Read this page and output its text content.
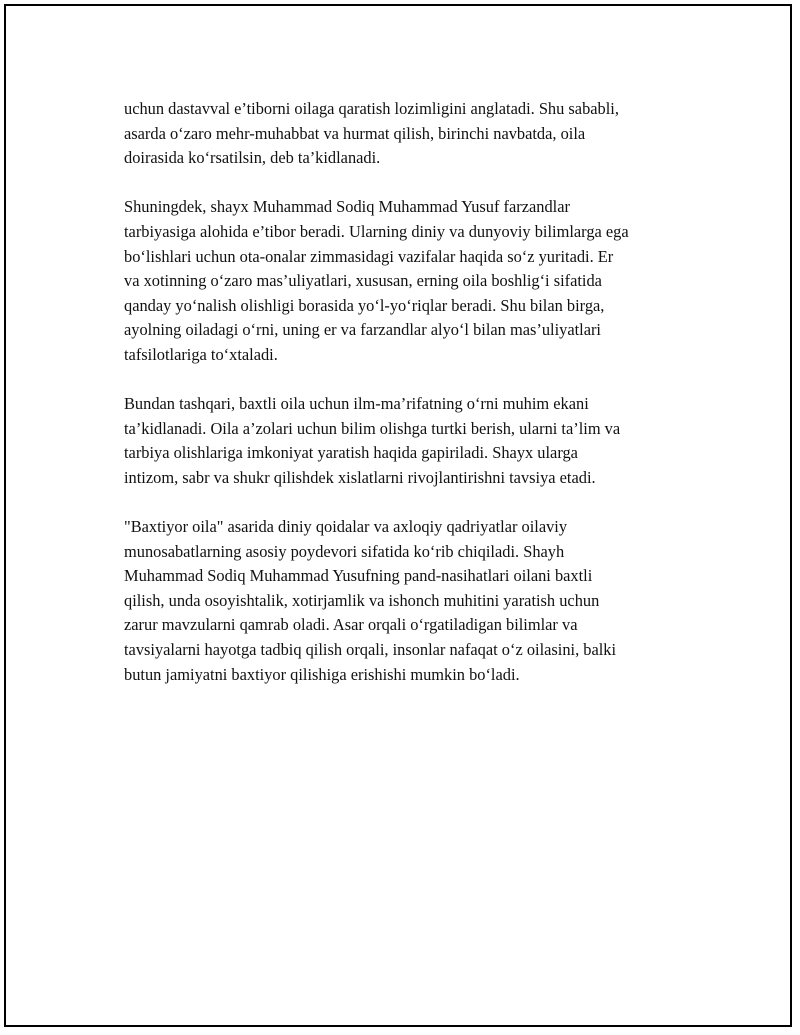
uchun dastavval e’tiborni oilaga qaratish lozimligini anglatadi. Shu sababli,
asarda o‘zaro mehr-muhabbat va hurmat qilish, birinchi navbatda, oila
doirasida ko‘rsatilsin, deb ta’kidlanadi.

Shuningdek, shayx Muhammad Sodiq Muhammad Yusuf farzandlar
tarbiyasiga alohida e’tibor beradi. Ularning diniy va dunyoviy bilimlarga ega
bo‘lishlari uchun ota-onalar zimmasidagi vazifalar haqida so‘z yuritadi. Er
va xotinning o‘zaro mas’uliyatlari, xususan, erning oila boshlig‘i sifatida
qanday yo‘nalish olishligi borasida yo‘l-yo‘riqlar beradi. Shu bilan birga,
ayolning oiladagi o‘rni, uning er va farzandlar alyo‘l bilan mas’uliyatlari
tafsilotlariga to‘xtaladi.

Bundan tashqari, baxtli oila uchun ilm-ma’rifatning o‘rni muhim ekani
ta’kidlanadi. Oila a’zolari uchun bilim olishga turtki berish, ularni ta’lim va
tarbiya olishlariga imkoniyat yaratish haqida gapiriladi. Shayx ularga
intizom, sabr va shukr qilishdek xislatlarni rivojlantirishni tavsiya etadi.

"Baxtiyor oila" asarida diniy qoidalar va axloqiy qadriyatlar oilaviy
munosabatlarning asosiy poydevori sifatida ko‘rib chiqiladi. Shayh
Muhammad Sodiq Muhammad Yusufning pand-nasihatlari oilani baxtli
qilish, unda osoyishtalik, xotirjamlik va ishonch muhitini yaratish uchun
zarur mavzularni qamrab oladi. Asar orqali o‘rgatiladigan bilimlar va
tavsiyalarni hayotga tadbiq qilish orqali, insonlar nafaqat o‘z oilasini, balki
butun jamiyatni baxtiyor qilishiga erishishi mumkin bo‘ladi.
